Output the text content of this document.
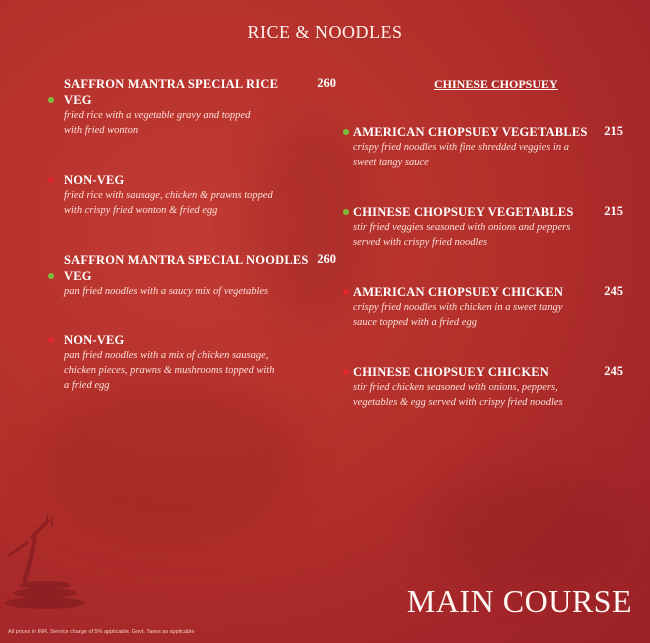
RICE & NOODLES
SAFFRON MANTRA SPECIAL RICE	260
VEG
fried rice with a vegetable gravy and topped
with fried wonton
NON-VEG
fried rice with sausage, chicken & prawns topped
with crispy fried wonton & fried egg
SAFFRON MANTRA SPECIAL NOODLES 260
VEG
pan fried noodles with a saucy mix of vegetables
NON-VEG
pan fried noodles with a mix of chicken sausage,
chicken pieces, prawns & mushrooms topped with
a fried egg
CHINESE CHOPSUEY
AMERICAN CHOPSUEY VEGETABLES	215
crispy fried noodles with fine shredded veggies in a
sweet tangy sauce
CHINESE CHOPSUEY VEGETABLES	215
stir fried veggies seasoned with onions and peppers
served with crispy fried noodles
AMERICAN CHOPSUEY CHICKEN	245
crispy fried noodles with chicken in a sweet tangy
sauce topped with a fried egg
CHINESE CHOPSUEY CHICKEN	245
stir fried chicken seasoned with onions, peppers,
vegetables & egg served with crispy fried noodles
MAIN COURSE
All prices in INR. Service charge of 5% applicable. Govt. Taxes as applicable
